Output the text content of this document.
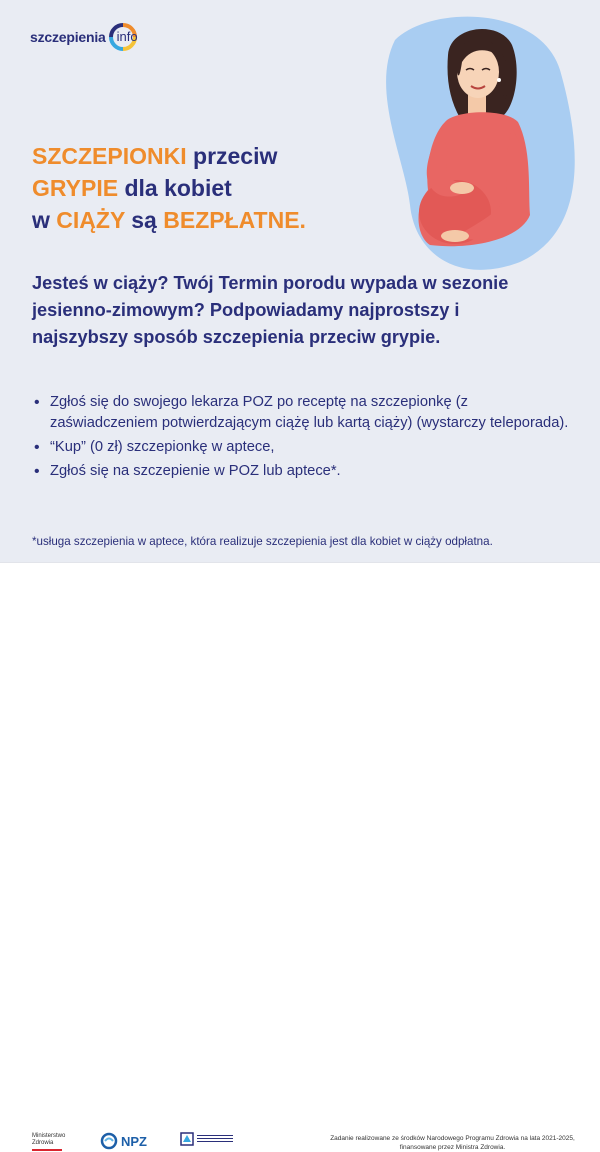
szczepienia info
SZCZEPIONKI przeciw
GRYPIE dla kobiet
w CIĄŻY są BEZPŁATNE.

Jesteś w ciąży? Twój Termin porodu wypada w sezonie jesienno-zimowym? Podpowiadamy najprostszy i najszybszy sposób szczepienia przeciw grypie.

• Zgłoś się do swojego lekarza POZ po receptę na szczepionkę (z zaświadczeniem potwierdzającym ciążę lub kartą ciąży) (wystarczy teleporada).
• “Kup” (0 zł) szczepionkę w aptece,
• Zgłoś się na szczepienie w POZ lub aptece*.

*usługa szczepienia w aptece, która realizuje szczepienia jest dla kobiet w ciąży odpłatna.

Ministerstwo
Zdrowia	NPZ	Zadanie realizowane ze środków Narodowego Programu Zdrowia na lata 2021-2025,
finansowane przez Ministra Zdrowia.
